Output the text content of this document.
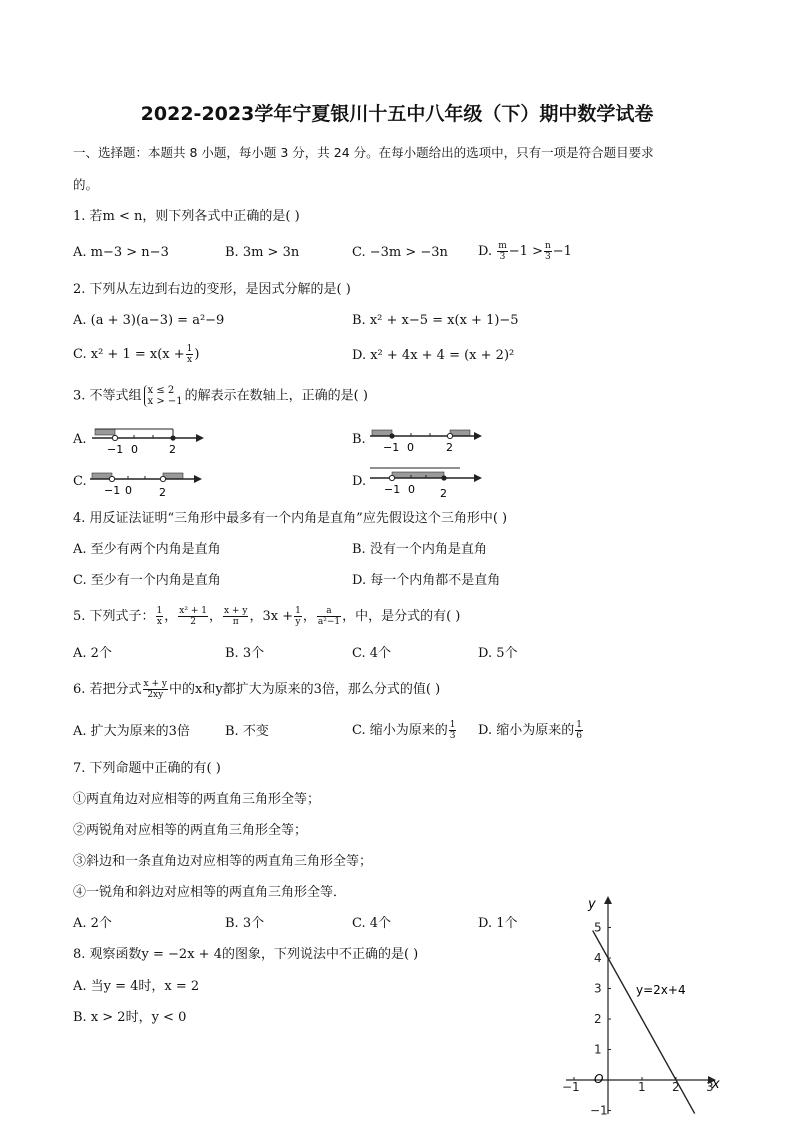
2022-2023学年宁夏银川十五中八年级（下）期中数学试卷
一、选择题：本题共 8 小题，每小题 3 分，共 24 分。在每小题给出的选项中，只有一项是符合题目要求
的。
1. 若m < n，则下列各式中正确的是( )
A. m−3 > n−3	B. 3m > 3n	C. −3m > −3n D. $\frac{m}{3} -1 > \frac{n}{3} -1$
2. 下列从左边到右边的变形，是因式分解的是( )
A. (a + 3)(a−3) = a²−9	B. x² + x−5 = x(x + 1)−5
C. $x^2 + 1 = x(x + \frac{1}{x}$ )	D. x² + 4x + 4 = (x + 2)²
3. 不等式组 x ≤ 2
x > −1 的解表示在数轴上，正确的是( )
A.
−1 0	2
B.
−1 0	2
C.
−1 0 2
D.
−1 0 2
4. 用反证法证明“三角形中最多有一个内角是直角”应先假设这个三角形中( )
A. 至少有两个内角是直角	B. 没有一个内角是直角
C. 至少有一个内角是直角	D. 每一个内角都不是直角
5. 下列式子： $\frac{1}{x}$ ， $\frac{\text{x² + 1}}{2}$ ， $\frac{x + y}{\pi}$ ，$3x + \frac{1}{y}$ ， $\frac{a}{\text{a²−1}}$ ，中，是分式的有( )
A. 2个	B. 3个	C. 4个	D. 5个
6. 若把分式 $\frac{x + y}{2xy}$ 中的x和y都扩大为原来的3倍，那么分式的值( )
A. 扩大为原来的3倍	B. 不变	C. 缩小为原来的 $\frac{1}{3} D$. 缩小为原来的 $\frac{1}{6}$
7. 下列命题中正确的有( )
①两直角边对应相等的两直角三角形全等；
②两锐角对应相等的两直角三角形全等；
③斜边和一条直角边对应相等的两直角三角形全等；
④一锐角和斜边对应相等的两直角三角形全等．
A. 2个	B. 3个	C. 4个	D. 1个
8. 观察函数y = −2x + 4的图象，下列说法中不正确的是( )
A. 当y = 4时，x = 2
B. x > 2时，y < 0
−1	1 2 3
5
4
3
2
1
−1
x
y
O
y=2x+4
